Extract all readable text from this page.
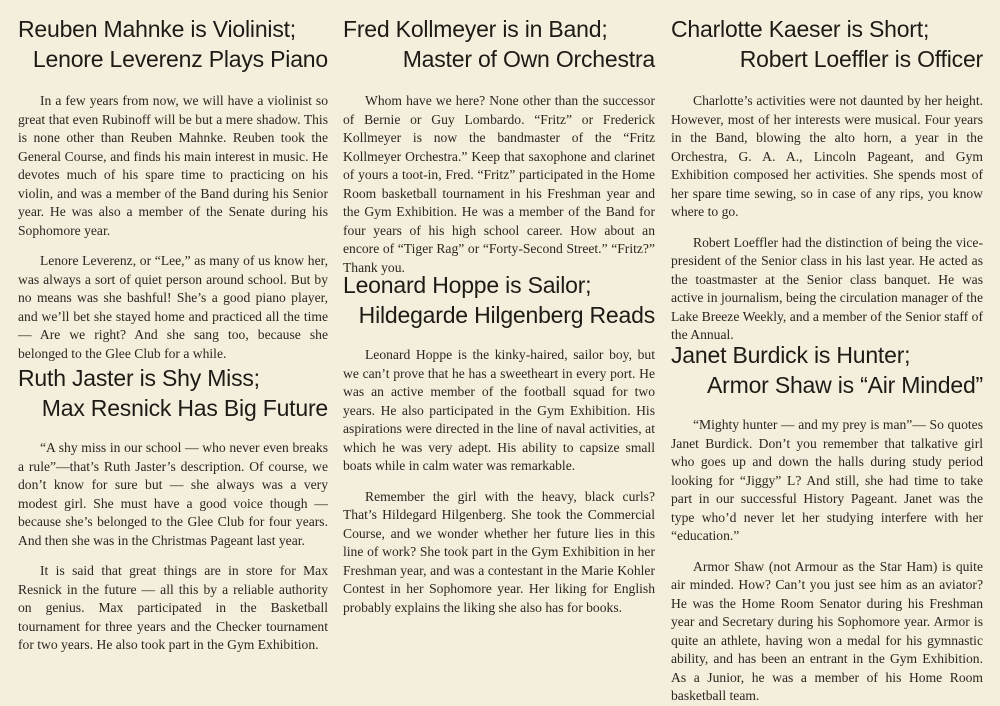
Reuben Mahnke is Violinist;
Lenore Leverenz Plays Piano

In a few years from now, we will have a violinist so great that even Rubinoff will be but a mere shadow. This is none other than Reuben Mahnke. Reuben took the General Course, and finds his main interest in music. He devotes much of his spare time to practicing on his violin, and was a member of the Band during his Senior year. He was also a member of the Senate during his Sophomore year.

Lenore Leverenz, or “Lee,” as many of us know her, was always a sort of quiet person around school. But by no means was she bashful! She’s a good piano player, and we’ll bet she stayed home and practiced all the time — Are we right? And she sang too, because she belonged to the Glee Club for a while.

Ruth Jaster is Shy Miss;
Max Resnick Has Big Future

“A shy miss in our school — who never even breaks a rule”—that’s Ruth Jaster’s description. Of course, we don’t know for sure but — she always was a very modest girl. She must have a good voice though — because she’s belonged to the Glee Club for four years. And then she was in the Christmas Pageant last year.

It is said that great things are in store for Max Resnick in the future — all this by a reliable authority on genius. Max participated in the Basketball tournament for three years and the Checker tournament for two years. He also took part in the Gym Exhibition.

Fred Kollmeyer is in Band;
Master of Own Orchestra

Whom have we here? None other than the successor of Bernie or Guy Lombardo. “Fritz” or Frederick Kollmeyer is now the bandmaster of the “Fritz Kollmeyer Orchestra.” Keep that saxophone and clarinet of yours a toot-in, Fred. “Fritz” participated in the Home Room basketball tournament in his Freshman year and the Gym Exhibition. He was a member of the Band for four years of his high school career. How about an encore of “Tiger Rag” or “Forty-Second Street.” “Fritz?” Thank you.

Leonard Hoppe is Sailor;
Hildegarde Hilgenberg Reads

Leonard Hoppe is the kinky-haired, sailor boy, but we can’t prove that he has a sweetheart in every port. He was an active member of the football squad for two years. He also participated in the Gym Exhibition. His aspirations were directed in the line of naval activities, at which he was very adept. His ability to capsize small boats while in calm water was remarkable.

Remember the girl with the heavy, black curls? That’s Hildegard Hilgenberg. She took the Commercial Course, and we wonder whether her future lies in this line of work? She took part in the Gym Exhibition in her Freshman year, and was a contestant in the Marie Kohler Contest in her Sophomore year. Her liking for English probably explains the liking she also has for books.

Charlotte Kaeser is Short;
Robert Loeffler is Officer

Charlotte’s activities were not daunted by her height. However, most of her interests were musical. Four years in the Band, blowing the alto horn, a year in the Orchestra, G. A. A., Lincoln Pageant, and Gym Exhibition composed her activities. She spends most of her spare time sewing, so in case of any rips, you know where to go.

Robert Loeffler had the distinction of being the vice-president of the Senior class in his last year. He acted as the toastmaster at the Senior class banquet. He was active in journalism, being the circulation manager of the Lake Breeze Weekly, and a member of the Senior staff of the Annual.

Janet Burdick is Hunter;
Armor Shaw is “Air Minded”

“Mighty hunter — and my prey is man”— So quotes Janet Burdick. Don’t you remember that talkative girl who goes up and down the halls during study period looking for “Jiggy” L? And still, she had time to take part in our successful History Pageant. Janet was the type who’d never let her studying interfere with her “education.”

Armor Shaw (not Armour as the Star Ham) is quite air minded. How? Can’t you just see him as an aviator? He was the Home Room Senator during his Freshman year and Secretary during his Sophomore year. Armor is quite an athlete, having won a medal for his gymnastic ability, and has been an entrant in the Gym Exhibition. As a Junior, he was a member of his Home Room basketball team.
